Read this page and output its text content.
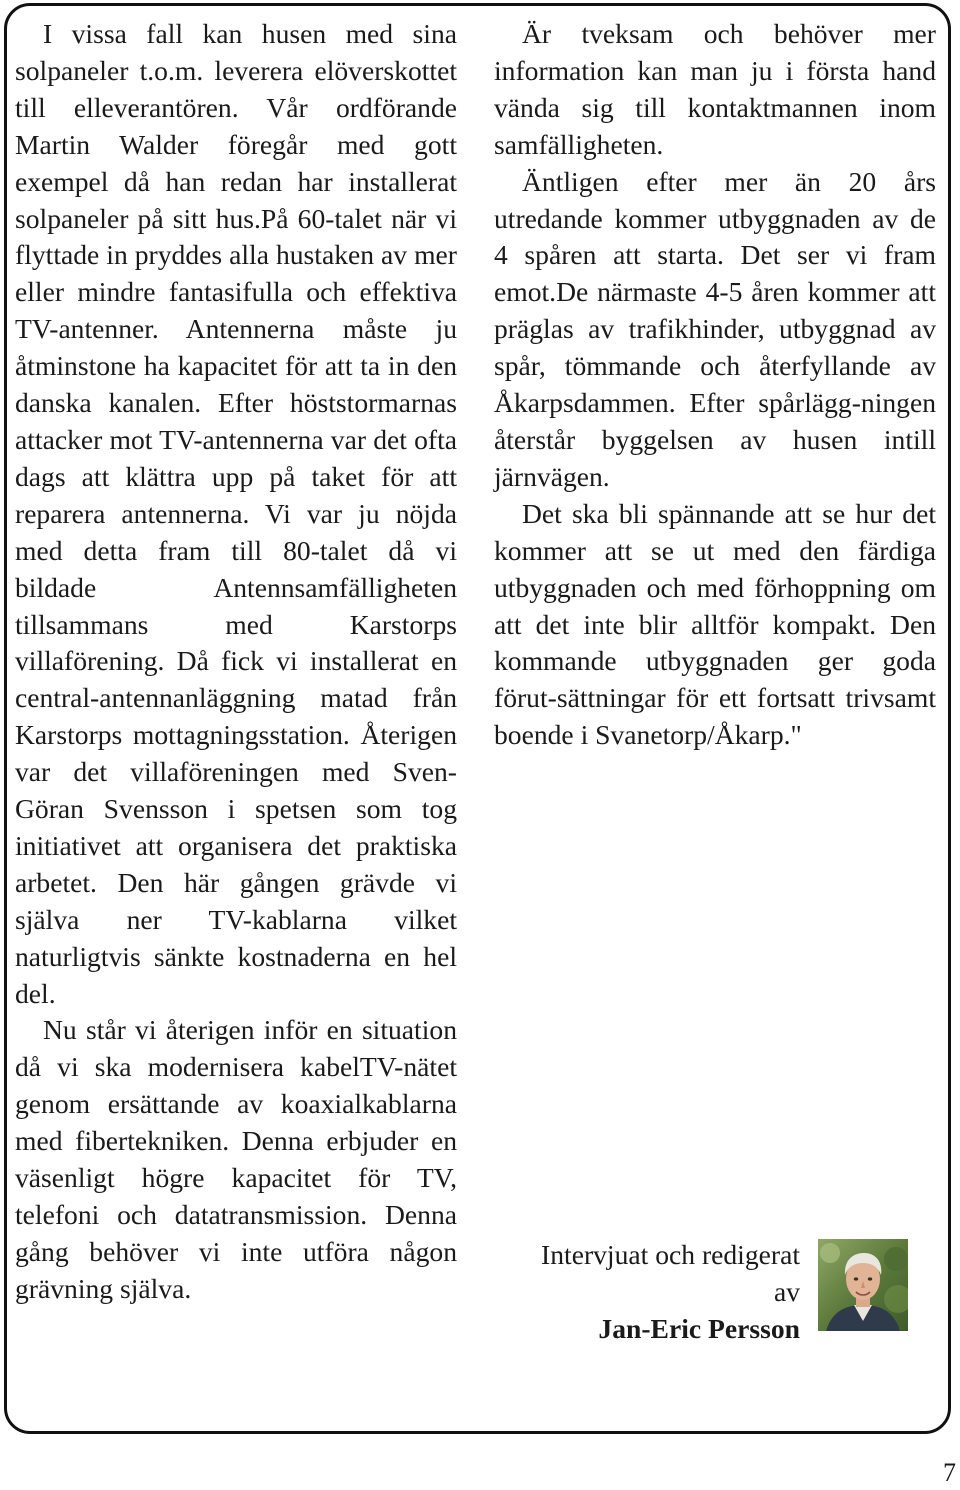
I vissa fall kan husen med sina solpaneler t.o.m. leverera elöverskottet till elleverantören. Vår ordförande Martin Walder föregår med gott exempel då han redan har installerat solpaneler på sitt hus.På 60-talet när vi flyttade in pryddes alla hustaken av mer eller mindre fantasifulla och effektiva TV-antenner. Antennerna måste ju åtminstone ha kapacitet för att ta in den danska kanalen. Efter höststormarnas attacker mot TV-antennerna var det ofta dags att klättra upp på taket för att reparera antennerna. Vi var ju nöjda med detta fram till 80-talet då vi bildade Antennsamfälligheten tillsammans med Karstorps villaförening. Då fick vi installerat en central-antennanläggning matad från Karstorps mottagningsstation. Återigen var det villaföreningen med Sven-Göran Svensson i spetsen som tog initiativet att organisera det praktiska arbetet. Den här gången grävde vi själva ner TV-kablarna vilket naturligtvis sänkte kostnaderna en hel del.

Nu står vi återigen inför en situation då vi ska modernisera kabelTV-nätet genom ersättande av koaxialkablarna med fibertekniken. Denna erbjuder en väsenligt högre kapacitet för TV, telefoni och datatransmission. Denna gång behöver vi inte utföra någon grävning själva.

Är tveksam och behöver mer information kan man ju i första hand vända sig till kontaktmannen inom samfälligheten.

Äntligen efter mer än 20 års utredande kommer utbyggnaden av de 4 spåren att starta. Det ser vi fram emot.De närmaste 4-5 åren kommer att präglas av trafikhinder, utbyggnad av spår, tömmande och återfyllande av Åkarpsdammen. Efter spårlägg-ningen återstår byggelsen av husen intill järnvägen.

Det ska bli spännande att se hur det kommer att se ut med den färdiga utbyggnaden och med förhoppning om att det inte blir alltför kompakt. Den kommande utbyggnaden ger goda förut-sättningar för ett fortsatt trivsamt boende i Svanetorp/Åkarp."

Intervjuat och redigerat
av
Jan-Eric Persson
7
